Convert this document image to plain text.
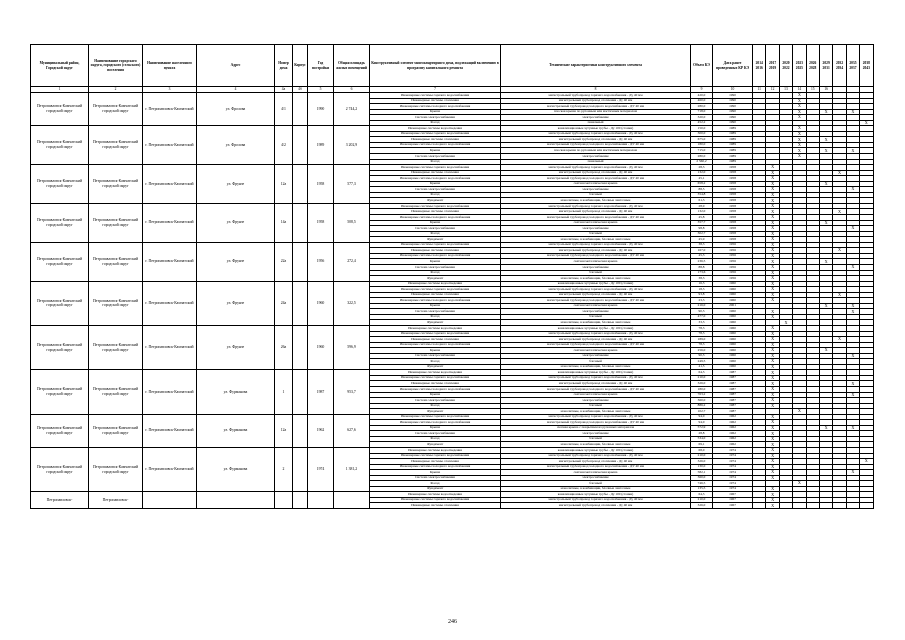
Муниципальный район, Городской округ	Наименование городского округа, городского (сельского) поселения	Наименование населенного пункта	Адрес	Номер дома	Корпус	Год постройки	Общая площадь жилых помещений	Конструктивный элемент многоквартирного дома, подлежащий включению в программу капитального ремонта	Технические характеристики конструктивного элемента	Объем КЭ	Дата ранее проведенных КР КЭ	2014 2016	2017 2019	2020 2022	2023 2025	2026 2028	2029 2031	2032 2034	2035 2037	2038 2043
1	2	3	4	4а	4б	5	6	7	8	9	10	11	12	13	14	15	16			
Петропавловск-Камчатский городской округ	Петропавловск-Камчатский городской округ	г. Петропавловск-Камчатский	ул. Фролова	4/1		1990	2 744,2	Инженерные системы горячего водоснабжения	магистральный трубопровод горячего водоснабжения - Дү 40 мм	420,0	1990				X					
								Инженерные системы отопления	магистральный трубопровод отопления - Дү 40 мм	460,0	1990				X					
								Инженерные системы холодного водоснабжения	магистральный трубопровод холодного водоснабжения - ДУ 40 мм	280,0	1990				X					
								Крыша	плоская крыша по рулонным или мастичным материалам	718,0	1990				X		X		X	
								Система электроснабжения	электроснабжение	320,0	1990				X					
								Фасад	панельный	452,2	1990									X
Петропавловск-Камчатский городской округ	Петропавловск-Камчатский городской округ	г. Петропавловск-Камчатский	ул. Фролова	4/2		1989	3 202,9	Инженерные системы водоотведения	канализационные чугунные трубы - Ду 100 (стояки)	150,0	1989				X					
								Инженерные системы горячего водоснабжения	магистральный трубопровод горячего водоснабжения - Дү 40 мм	300,0	1989				X					
								Инженерные системы отопления	магистральный трубопровод отопления - Дү 40 мм	675,0	1989				X		X			
								Инженерные системы холодного водоснабжения	магистральный трубопровод холодного водоснабжения - ДУ 40 мм	180,0	1989				X					
								Крыша	плоская крыша по рулонным или мастичным материалам	715,0	1989				X		X		X	
								Система электроснабжения	электроснабжение	280,0	1989				X					
								Фасад	панельный	2 560,2	1989									
Петропавловск-Камчатский городской округ	Петропавловск-Камчатский городской округ	г. Петропавловск-Камчатский	ул. Фрунзе	12а		1958	577,3	Инженерные системы горячего водоснабжения	магистральный трубопровод горячего водоснабжения - Дү 40 мм	28,3	1958		X							
								Инженерные системы отопления	магистральный трубопровод отопления - Дү 40 мм	132,0	1958		X					X		
								Инженерные системы холодного водоснабжения	магистральный трубопровод холодного водоснабжения - ДУ 40 мм	45,1	1958		X							
								Крыша	скатная металлическая крыша	658,2	1958		X				X			
								Система электроснабжения	электроснабжение	88,5	1958		X						X	
								Фасад	блочный	354,8	1958		X							
								Фундамент	монолитные, в комбинации, блочные ленточные	61,3	1958		X							
Петропавловск-Камчатский городской округ	Петропавловск-Камчатский городской округ	г. Петропавловск-Камчатский	ул. Фрунзе	14а		1958	508,5	Инженерные системы горячего водоснабжения	магистральный трубопровод горячего водоснабжения - Дү 40 мм	28,9	1958		X							
								Инженерные системы отопления	магистральный трубопровод отопления - Дү 40 мм	132,0	1958		X					X		
								Инженерные системы холодного водоснабжения	магистральный трубопровод холодного водоснабжения - ДУ 40 мм	45,8	1958		X							
								Крыша	скатная металлическая крыша	357,7	1958		X				X			
								Система электроснабжения	электроснабжение	98,8	1958		X						X	
								Фасад	блочный	302,7	1958		X							
								Фундамент	монолитные, в комбинации, блочные ленточные	45,9	1958		X							
Петропавловск-Камчатский городской округ	Петропавловск-Камчатский городской округ	г. Петропавловск-Камчатский	ул. Фрунзе	22а		1956	272,4	Инженерные системы горячего водоснабжения	магистральный трубопровод горячего водоснабжения - Дү 40 мм	38,3	1956		X							
								Инженерные системы отопления	магистральный трубопровод отопления - Дү 40 мм	167,0	1956		X					X		
								Инженерные системы холодного водоснабжения	магистральный трубопровод холодного водоснабжения - ДУ 40 мм	45,3	1956		X							
								Крыша	скатная металлическая крыша	236,5	1956		X				X			
								Система электроснабжения	электроснабжение	88,8	1956		X						X	
								Фасад	блочный	173,6	1956		X							
								Фундамент	монолитные, в комбинации, блочные ленточные	38,3	1956		X							
Петропавловск-Камчатский городской округ	Петропавловск-Камчатский городской округ	г. Петропавловск-Камчатский	ул. Фрунзе	24а		1960	322,5	Инженерные системы водоотведения	канализационные чугунные трубы - Ду 100 (стояки)	16,3	1960		X							
								Инженерные системы горячего водоснабжения	магистральный трубопровод горячего водоснабжения - Дү 40 мм	18,3	1960		X							
								Инженерные системы отопления	магистральный трубопровод отопления - Дү 40 мм	93,8	1960		X					X		
								Инженерные системы холодного водоснабжения	магистральный трубопровод холодного водоснабжения - ДУ 40 мм	23,3	1960		X							
								Крыша	скатная металлическая крыша	216,0	2001						X		X	
								Система электроснабжения	электроснабжение	90,3	1960		X						X	
								Фасад	блочный	477,0	1960		X							
								Фундамент	монолитные, в комбинации, блочные ленточные	33,3	1960			X						
Петропавловск-Камчатский городской округ	Петропавловск-Камчатский городской округ	г. Петропавловск-Камчатский	ул. Фрунзе	26а		1960	596,9	Инженерные системы водоотведения	канализационные чугунные трубы - Ду 100 (стояки)	78,3	1960		X							
								Инженерные системы горячего водоснабжения	магистральный трубопровод горячего водоснабжения - Дү 40 мм	78,3	1960		X							
								Инженерные системы отопления	магистральный трубопровод отопления - Дү 40 мм	189,0	1960		X					X		
								Инженерные системы холодного водоснабжения	магистральный трубопровод холодного водоснабжения - ДУ 40 мм	78,3	1960		X							
								Крыша	скатная металлическая крыша	256,0	1960		X				X			
								Система электроснабжения	электроснабжение	90,3	1960		X						X	
								Фасад	блочный	249,5	1960		X							
								Фундамент	монолитные, в комбинации, блочные ленточные	41,5	1960		X							
Петропавловск-Камчатский городской округ	Петропавловск-Камчатский городской округ	г. Петропавловск-Камчатский	ул. Фурманова	1		1987	953,7	Инженерные системы водоотведения	канализационные чугунные трубы - Ду 100 (стояки)	64,3	1987		X							
								Инженерные системы горячего водоснабжения	магистральный трубопровод горячего водоснабжения - Дү 40 мм	210,0	1987		X							
								Инженерные системы отопления	магистральный трубопровод отопления - Дү 40 мм	326,0	1987		X						X	
								Инженерные системы холодного водоснабжения	магистральный трубопровод холодного водоснабжения - ДУ 40 мм	180,0	1987		X							
								Крыша	скатная металлическая крыша	763,2	1987		X						X	
								Система электроснабжения	электроснабжение	360,0	1987		X							
								Фасад	блочный	886,2	1987		X							
								Фундамент	монолитные, в комбинации, блочные ленточные	102,7	1987				X					
Петропавловск-Камчатский городской округ	Петропавловск-Камчатский городской округ	г. Петропавловск-Камчатский	ул. Фурманова	12а		1962	627,6	Инженерные системы горячего водоснабжения	магистральный трубопровод горячего водоснабжения - Дү 40 мм	94,0	1962		X							
								Инженерные системы холодного водоснабжения	магистральный трубопровод холодного водоснабжения - ДУ 40 мм	94,0	1962		X							
								Крыша	скатная крыша с покрытием из рулонных материалов	572,9	1962		X				X		X	
								Система электроснабжения	электроснабжение	28,8	1962		X							
								Фасад	блочный	534,0	1962		X							
								Фундамент	монолитные, в комбинации, блочные ленточные	69,1	1962		X							
Петропавловск-Камчатский городской округ	Петропавловск-Камчатский городской округ	г. Петропавловск-Камчатский	ул. Фурманова	2		1974	1 381,2	Инженерные системы водоотведения	канализационные чугунные трубы - Ду 100 (стояки)	68,0	1974		X							
								Инженерные системы горячего водоснабжения	магистральный трубопровод горячего водоснабжения - Дү 40 мм	210,0	1974		X							
								Инженерные системы отопления	магистральный трубопровод отопления - Дү 40 мм	326,0	1974		X							X
								Инженерные системы холодного водоснабжения	магистральный трубопровод холодного водоснабжения - ДУ 40 мм	130,0	1974		X							
								Крыша	скатная металлическая крыша	582,1	1974		X						X	
								Система электроснабжения	электроснабжение	360,0	1974		X							
								Фасад	блочный	746,5	1974				X					
								Фундамент	монолитные, в комбинации, блочные ленточные	135,5	1974		X							
Петропавловск-	Петропавловск-							Инженерные системы водоотведения	канализационные чугунные трубы - Ду 100 (стояки)	64,3	1967		X							
								Инженерные системы горячего водоснабжения	магистральный трубопровод горячего водоснабжения - Дү 40 мм	210,0	1967		X							
								Инженерные системы отопления	магистральный трубопровод отопления - Дү 40 мм	326,0	1967		X							
246
